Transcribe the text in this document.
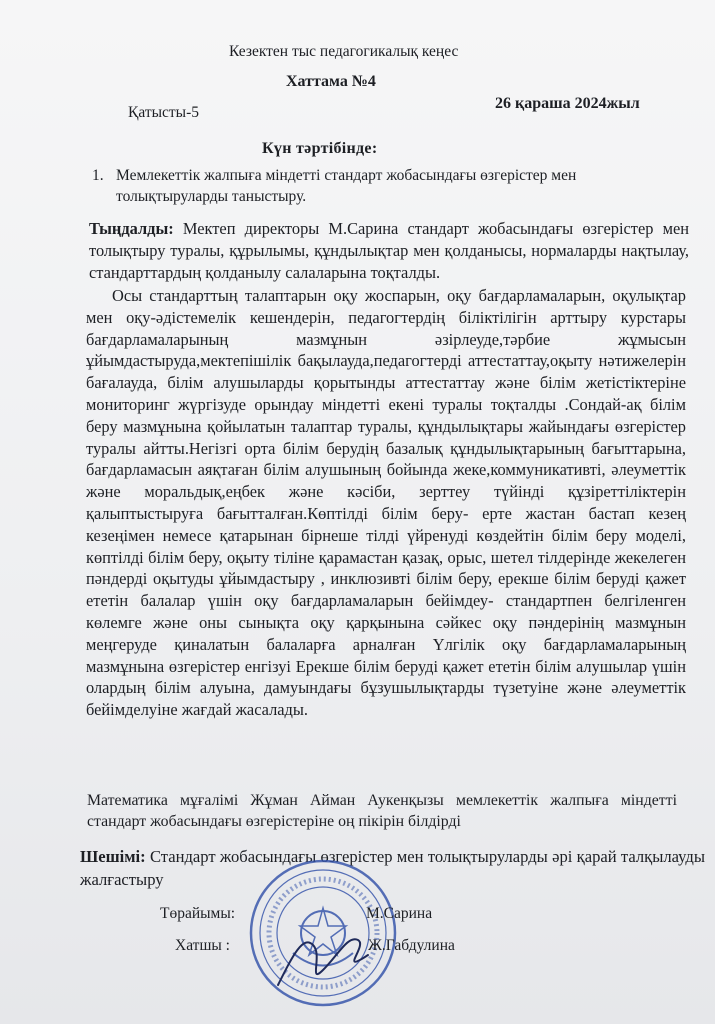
Кезектен тыс педагогикалық кеңес
Хаттама №4
Қатысты-5
26 қараша 2024жыл
Күн тәртібінде:
1. Мемлекеттік жалпыға міндетті стандарт жобасындағы өзгерістер мен толықтыруларды таныстыру.
Тыңдалды: Мектеп директоры М.Сарина стандарт жобасындағы өзгерістер мен толықтыру туралы, құрылымы, құндылықтар мен қолданысы, нормаларды нақтылау, стандарттардың қолданылу салаларына тоқталды.
Осы стандарттың талаптарын оқу жоспарын, оқу бағдарламаларын, оқулықтар мен оқу-әдістемелік кешендерін, педагогтердің біліктілігін арттыру курстары бағдарламаларының мазмұнын әзірлеуде,тәрбие жұмысын ұйымдастыруда,мектепішілік бақылауда,педагогтерді аттестаттау,оқыту нәтижелерін бағалауда, білім алушыларды қорытынды аттестаттау және білім жетістіктеріне мониторинг жүргізуде орындау міндетті екені туралы тоқталды .Сондай-ақ білім беру мазмұнына қойылатын талаптар туралы, құндылықтары жайындағы өзгерістер туралы айтты.Негізгі орта білім берудің базалық құндылықтарының бағыттарына, бағдарламасын аяқтаған білім алушының бойында жеке,коммуникативті, әлеуметтік және моральдық,еңбек және кәсіби, зерттеу түйінді құзіреттіліктерін қалыптыстыруға бағытталған.Көптілді білім беру- ерте жастан бастап кезең кезеңімен немесе қатарынан бірнеше тілді үйренуді көздейтін білім беру моделі, көптілді білім беру, оқыту тіліне қарамастан қазақ, орыс, шетел тілдерінде жекелеген пәндерді оқытуды ұйымдастыру , инклюзивті білім беру, ерекше білім беруді қажет ететін балалар үшін оқу бағдарламаларын бейімдеу- стандартпен белгіленген көлемге және оны сынықта оқу қарқынына сәйкес оқу пәндерінің мазмұнын меңгеруде қиналатын балаларға арналған Үлгілік оқу бағдарламаларының мазмұнына өзгерістер енгізуі Ерекше білім беруді қажет ететін білім алушылар үшін олардың білім алуына, дамуындағы бұзушылықтарды түзетуіне және әлеуметтік бейімделуіне жағдай жасалады.
Математика мұғалімі Жұман Айман Аукенқызы мемлекеттік жалпыға міндетті стандарт жобасындағы өзгерістеріне оң пікірін білдірді
Шешімі: Стандарт жобасындағы өзгерістер мен толықтыруларды әрі қарай талқылауды жалғастыру
Төрайымы:	М.Сарина
Хатшы :	Ж.Габдулина
